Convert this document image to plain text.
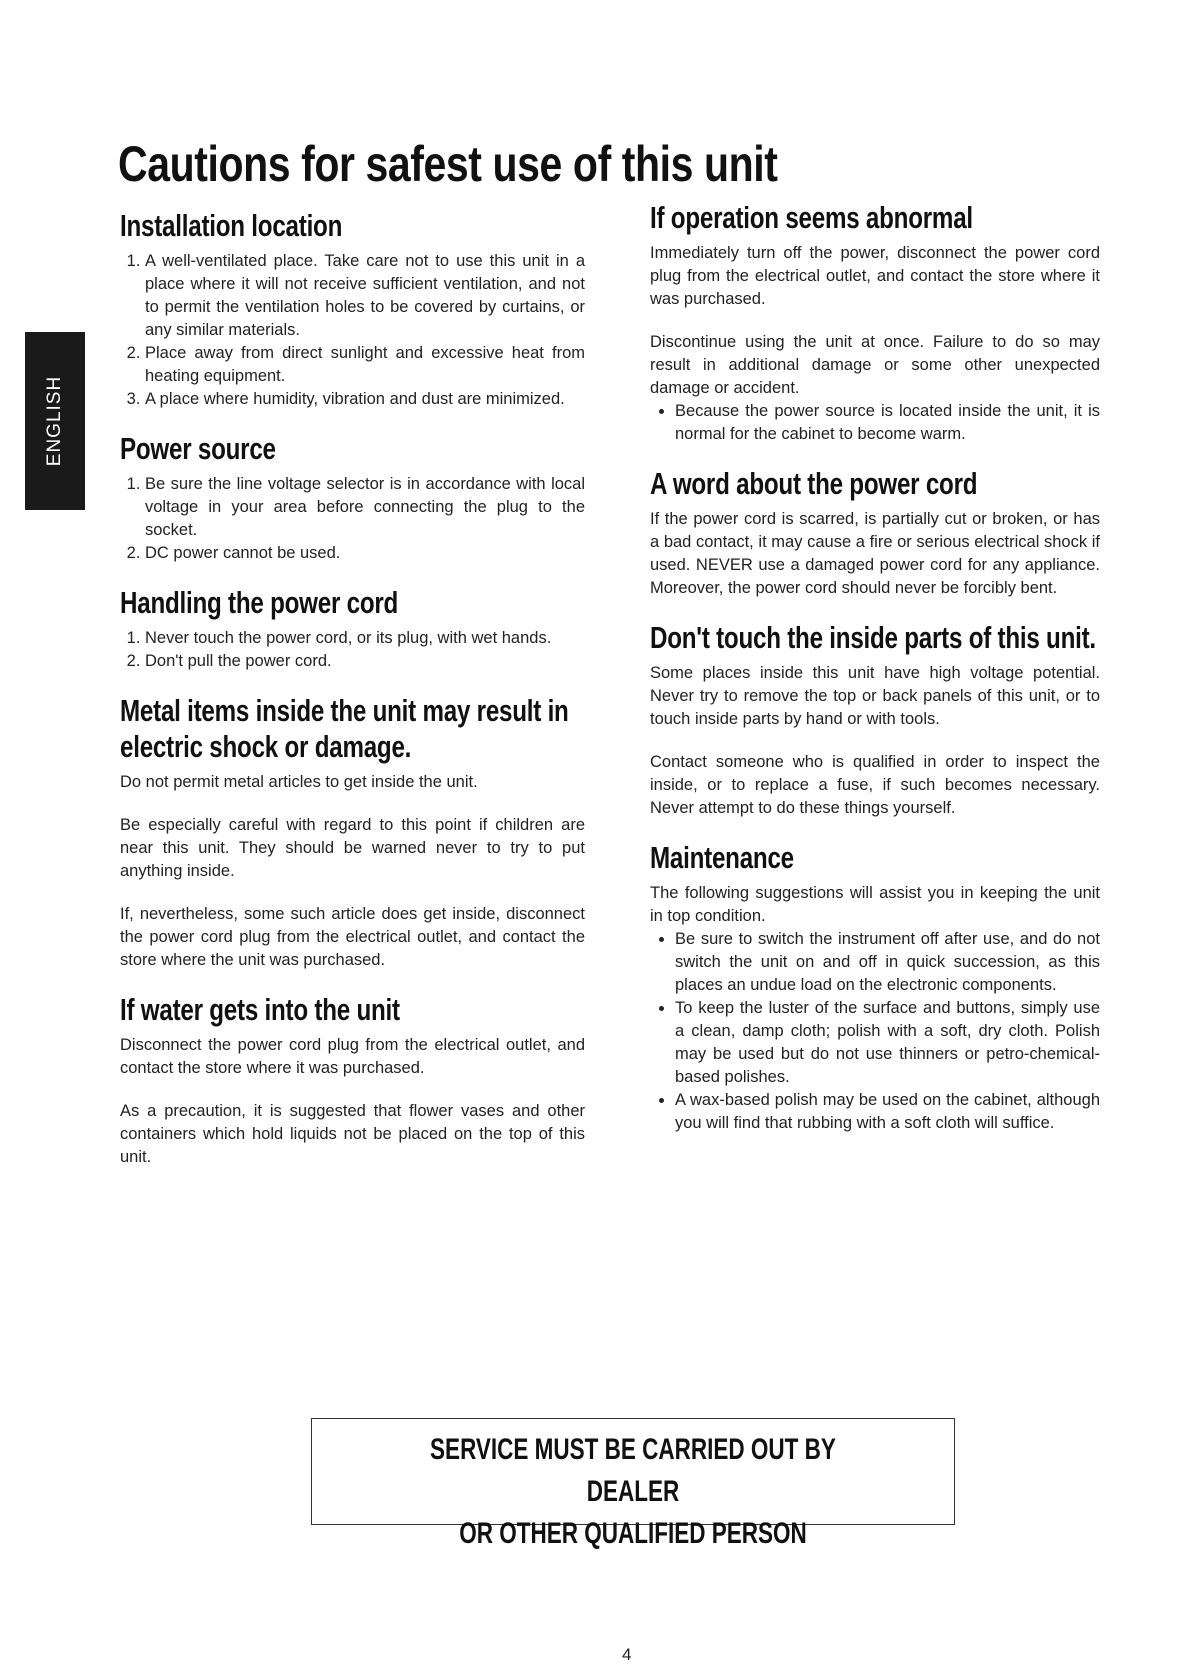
Cautions for safest use of this unit
ENGLISH
Installation location
1. A well-ventilated place. Take care not to use this unit in a place where it will not receive sufficient ventilation, and not to permit the ventilation holes to be covered by curtains, or any similar materials.
2. Place away from direct sunlight and excessive heat from heating equipment.
3. A place where humidity, vibration and dust are minimized.
Power source
1. Be sure the line voltage selector is in accordance with local voltage in your area before connecting the plug to the socket.
2. DC power cannot be used.
Handling the power cord
1. Never touch the power cord, or its plug, with wet hands.
2. Don't pull the power cord.
Metal items inside the unit may result in electric shock or damage.

Do not permit metal articles to get inside the unit.

Be especially careful with regard to this point if children are near this unit. They should be warned never to try to put anything inside.

If, nevertheless, some such article does get inside, disconnect the power cord plug from the electrical outlet, and contact the store where the unit was purchased.

If water gets into the unit

Disconnect the power cord plug from the electrical outlet, and contact the store where it was purchased.

As a precaution, it is suggested that flower vases and other containers which hold liquids not be placed on the top of this unit.

If operation seems abnormal

Immediately turn off the power, disconnect the power cord plug from the electrical outlet, and contact the store where it was purchased.

Discontinue using the unit at once. Failure to do so may result in additional damage or some other unexpected damage or accident.

• Because the power source is located inside the unit, it is normal for the cabinet to become warm.
A word about the power cord

If the power cord is scarred, is partially cut or broken, or has a bad contact, it may cause a fire or serious electrical shock if used. NEVER use a damaged power cord for any appliance. Moreover, the power cord should never be forcibly bent.

Don't touch the inside parts of this unit.

Some places inside this unit have high voltage potential. Never try to remove the top or back panels of this unit, or to touch inside parts by hand or with tools.

Contact someone who is qualified in order to inspect the inside, or to replace a fuse, if such becomes necessary. Never attempt to do these things yourself.

Maintenance

The following suggestions will assist you in keeping the unit in top condition.

• Be sure to switch the instrument off after use, and do not switch the unit on and off in quick succession, as this places an undue load on the electronic components.
• To keep the luster of the surface and buttons, simply use a clean, damp cloth; polish with a soft, dry cloth. Polish may be used but do not use thinners or petro-chemical-based polishes.
• A wax-based polish may be used on the cabinet, although you will find that rubbing with a soft cloth will suffice.
SERVICE MUST BE CARRIED OUT BY DEALER
OR OTHER QUALIFIED PERSON
4
